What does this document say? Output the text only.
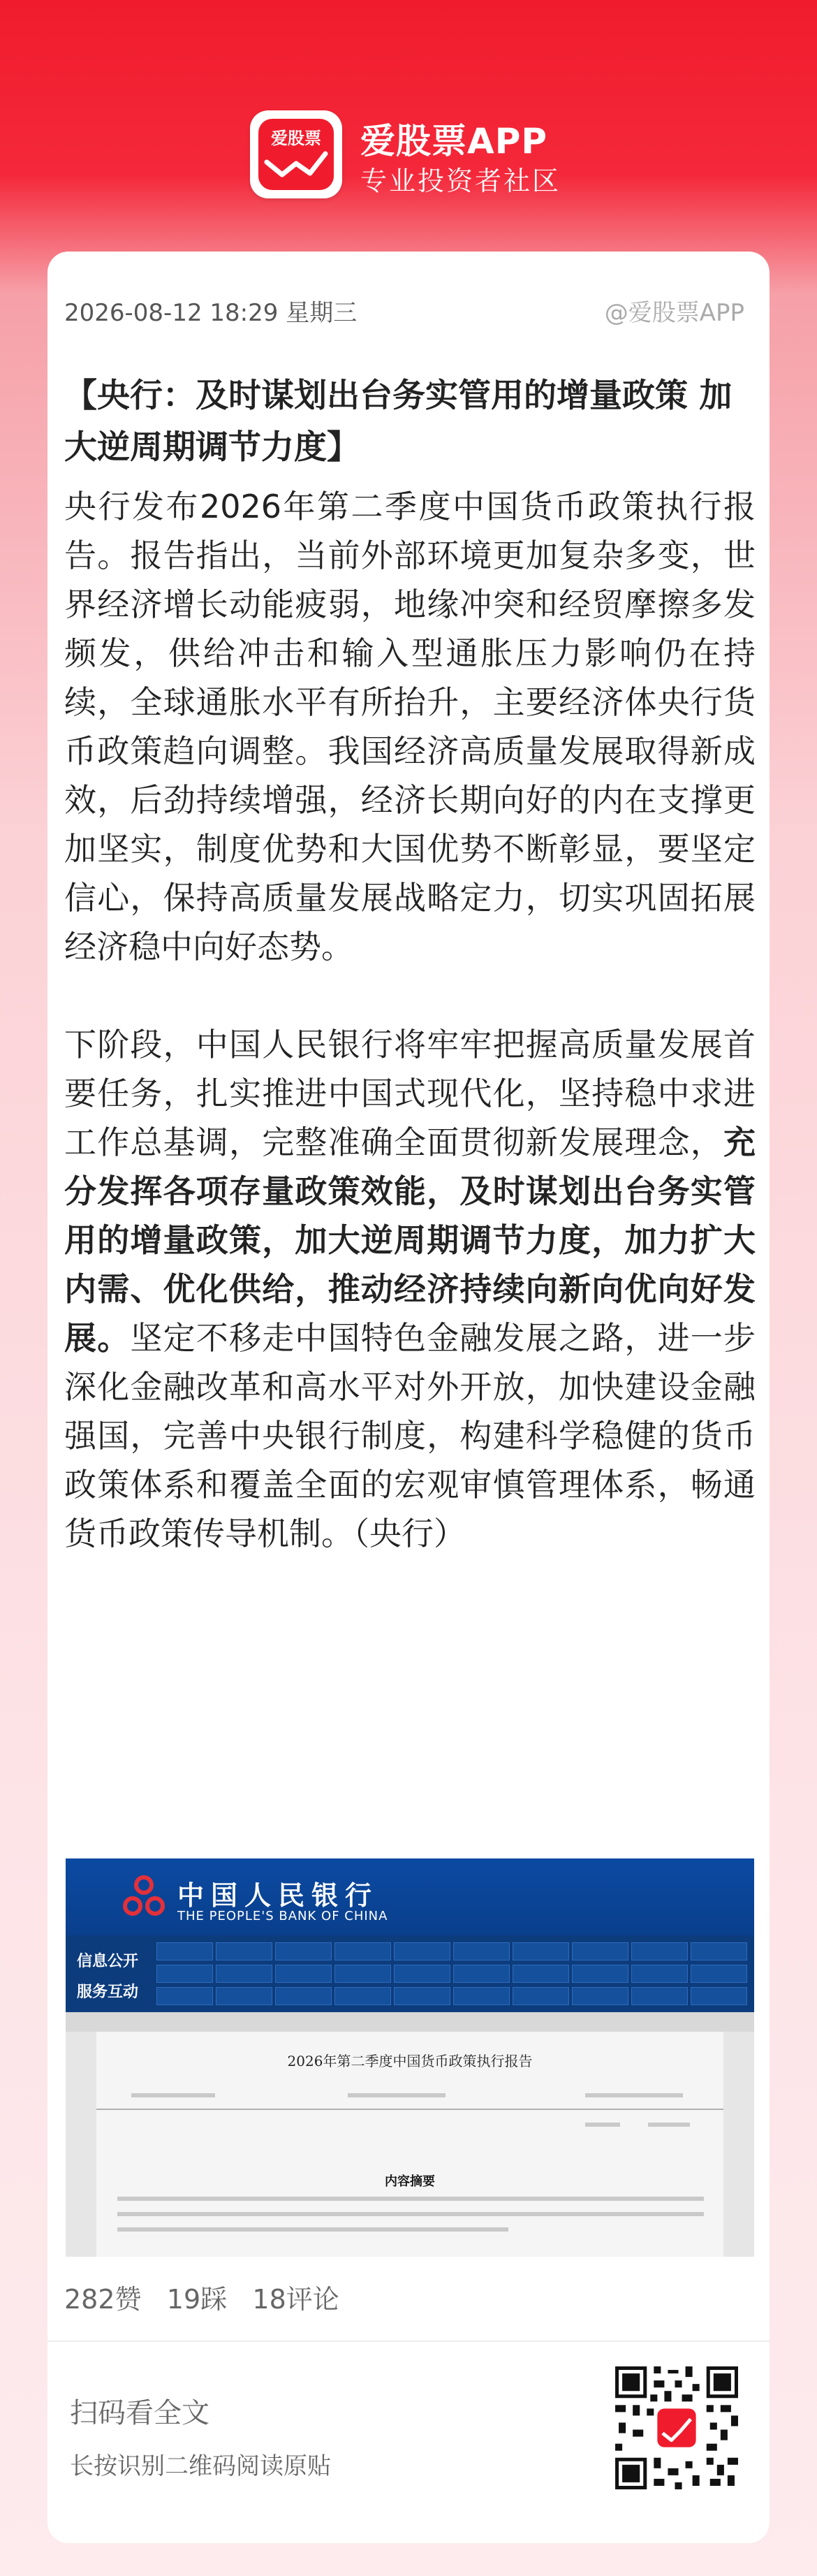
爱股票	爱股票APP
专业投资者社区
2026-08-12 18:29 星期三	@爱股票APP
【央行：及时谋划出台务实管用的增量政策 加大逆周期调节力度】

央行发布2026年第二季度中国货币政策执行报告。报告指出，当前外部环境更加复杂多变，世界经济增长动能疲弱，地缘冲突和经贸摩擦多发频发，供给冲击和输入型通胀压力影响仍在持续，全球通胀水平有所抬升，主要经济体央行货币政策趋向调整。我国经济高质量发展取得新成效，后劲持续增强，经济长期向好的内在支撑更加坚实，制度优势和大国优势不断彰显，要坚定信心，保持高质量发展战略定力，切实巩固拓展经济稳中向好态势。

下阶段，中国人民银行将牢牢把握高质量发展首要任务，扎实推进中国式现代化，坚持稳中求进工作总基调，完整准确全面贯彻新发展理念，充分发挥各项存量政策效能，及时谋划出台务实管用的增量政策，加大逆周期调节力度，加力扩大内需、优化供给，推动经济持续向新向优向好发展。坚定不移走中国特色金融发展之路，进一步深化金融改革和高水平对外开放，加快建设金融强国，完善中央银行制度，构建科学稳健的货币政策体系和覆盖全面的宏观审慎管理体系，畅通货币政策传导机制。（央行）

中国人民银行
THE PEOPLE'S BANK OF CHINA
信息公开
服务互动
2026年第二季度中国货币政策执行报告
内容摘要
282赞 19踩 18评论
扫码看全文
长按识别二维码阅读原贴
